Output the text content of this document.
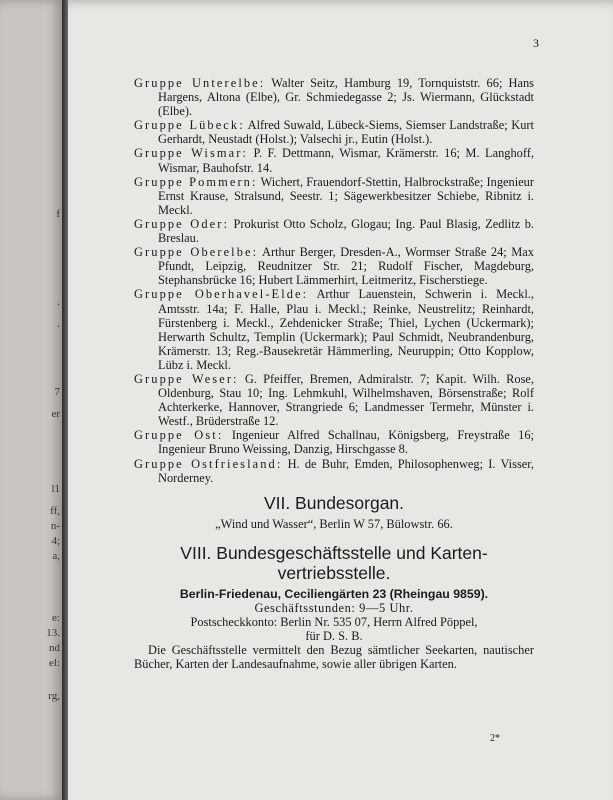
f
.
.
7
er
l1
ff,
n-
4;
a,
e:
13.
nd
el:
rg,
3

Gruppe Unterelbe: Walter Seitz, Hamburg 19, Tornquiststr. 66; Hans Hargens, Altona (Elbe), Gr. Schmiedegasse 2; Js. Wiermann, Glückstadt (Elbe).

Gruppe Lübeck: Alfred Suwald, Lübeck-Siems, Siemser Landstraße; Kurt Gerhardt, Neustadt (Holst.); Valsechi jr., Eutin (Holst.).

Gruppe Wismar: P. F. Dettmann, Wismar, Krämerstr. 16; M. Langhoff, Wismar, Bauhofstr. 14.

Gruppe Pommern: Wichert, Frauendorf-Stettin, Halbrockstraße; Ingenieur Ernst Krause, Stralsund, Seestr. 1; Sägewerkbesitzer Schiebe, Ribnitz i. Meckl.

Gruppe Oder: Prokurist Otto Scholz, Glogau; Ing. Paul Blasig, Zedlitz b. Breslau.

Gruppe Oberelbe: Arthur Berger, Dresden-A., Wormser Straße 24; Max Pfundt, Leipzig, Reudnitzer Str. 21; Rudolf Fischer, Magdeburg, Stephansbrücke 16; Hubert Lämmerhirt, Leitmeritz, Fischerstiege.

Gruppe Oberhavel-Elde: Arthur Lauenstein, Schwerin i. Meckl., Amtsstr. 14a; F. Halle, Plau i. Meckl.; Reinke, Neustrelitz; Reinhardt, Fürstenberg i. Meckl., Zehdenicker Straße; Thiel, Lychen (Uckermark); Herwarth Schultz, Templin (Uckermark); Paul Schmidt, Neubrandenburg, Krämerstr. 13; Reg.-Bausekretär Hämmerling, Neuruppin; Otto Kopplow, Lübz i. Meckl.

Gruppe Weser: G. Pfeiffer, Bremen, Admiralstr. 7; Kapit. Wilh. Rose, Oldenburg, Stau 10; Ing. Lehmkuhl, Wilhelmshaven, Börsenstraße; Rolf Achterkerke, Hannover, Strangriede 6; Landmesser Termehr, Münster i. Westf., Brüderstraße 12.

Gruppe Ost: Ingenieur Alfred Schallnau, Königsberg, Freystraße 16; Ingenieur Bruno Weissing, Danzig, Hirschgasse 8.

Gruppe Ostfriesland: H. de Buhr, Emden, Philosophenweg; I. Visser, Norderney.

VII. Bundesorgan.

„Wind und Wasser“, Berlin W 57, Bülowstr. 66.

VIII. Bundesgeschäftsstelle und Karten-
vertriebsstelle.

Berlin-Friedenau, Ceciliengärten 23 (Rheingau 9859).

Geschäftsstunden: 9—5 Uhr.

Postscheckkonto: Berlin Nr. 535 07, Herrn Alfred Pöppel,

für D. S. B.

Die Geschäftsstelle vermittelt den Bezug sämtlicher Seekarten, nautischer Bücher, Karten der Landesaufnahme, sowie aller übrigen Karten.

2*
